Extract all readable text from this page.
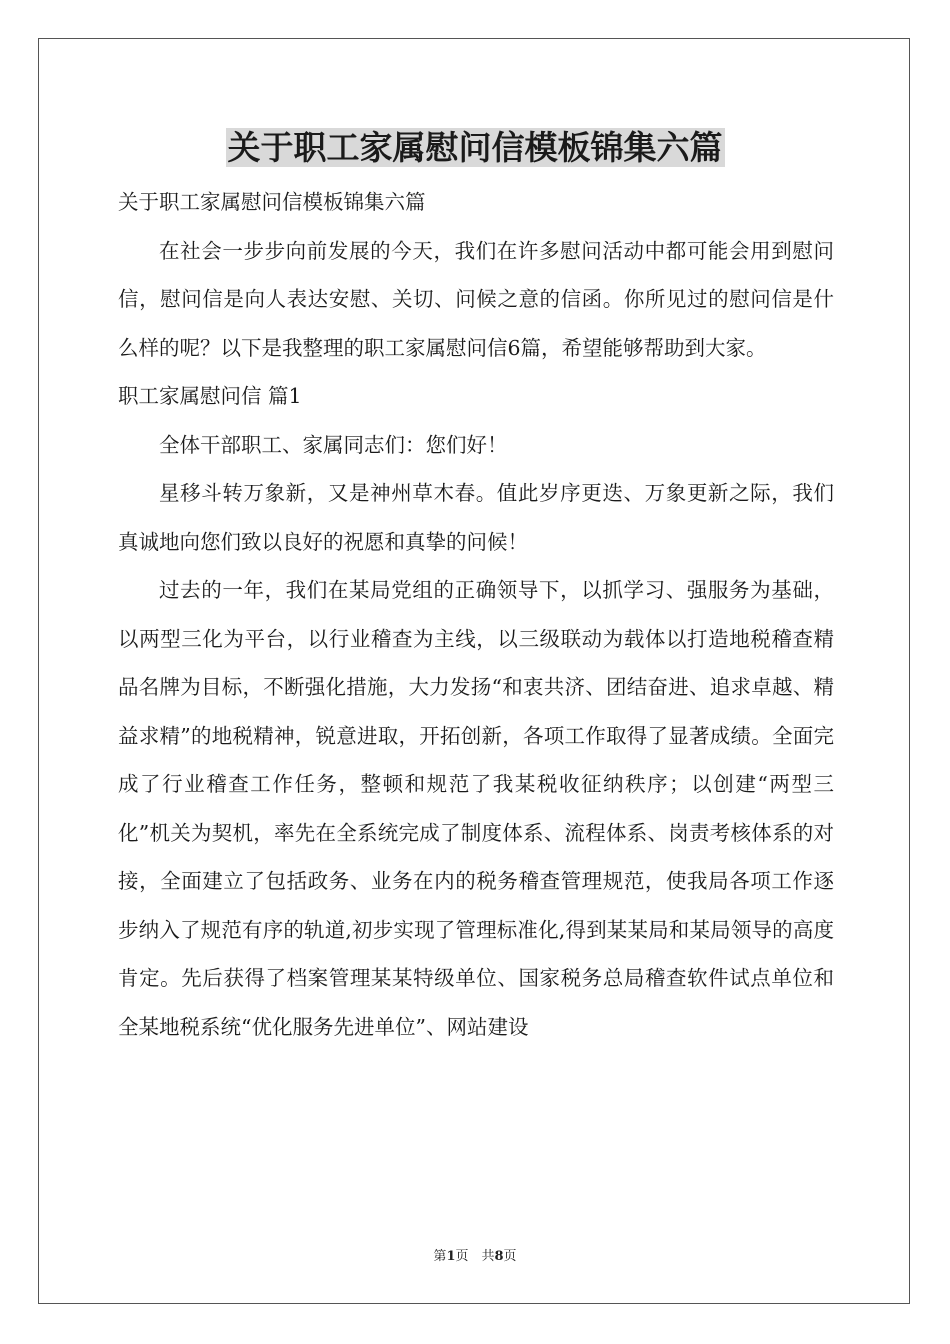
关于职工家属慰问信模板锦集六篇

关于职工家属慰问信模板锦集六篇

在社会一步步向前发展的今天，我们在许多慰问活动中都可能会用到慰问信，慰问信是向人表达安慰、关切、问候之意的信函。你所见过的慰问信是什么样的呢？以下是我整理的职工家属慰问信6篇，希望能够帮助到大家。

职工家属慰问信 篇1

全体干部职工、家属同志们：您们好！

星移斗转万象新，又是神州草木春。值此岁序更迭、万象更新之际，我们真诚地向您们致以良好的祝愿和真挚的问候！

过去的一年，我们在某局党组的正确领导下，以抓学习、强服务为基础，以两型三化为平台，以行业稽查为主线，以三级联动为载体以打造地税稽查精品名牌为目标，不断强化措施，大力发扬“和衷共济、团结奋进、追求卓越、精益求精”的地税精神，锐意进取，开拓创新，各项工作取得了显著成绩。全面完成了行业稽查工作任务，整顿和规范了我某税收征纳秩序；以创建“两型三化”机关为契机，率先在全系统完成了制度体系、流程体系、岗责考核体系的对接，全面建立了包括政务、业务在内的税务稽查管理规范，使我局各项工作逐步纳入了规范有序的轨道,初步实现了管理标准化,得到某某局和某局领导的高度肯定。先后获得了档案管理某某特级单位、国家税务总局稽查软件试点单位和全某地税系统“优化服务先进单位”、网站建设

第1页　共8页
